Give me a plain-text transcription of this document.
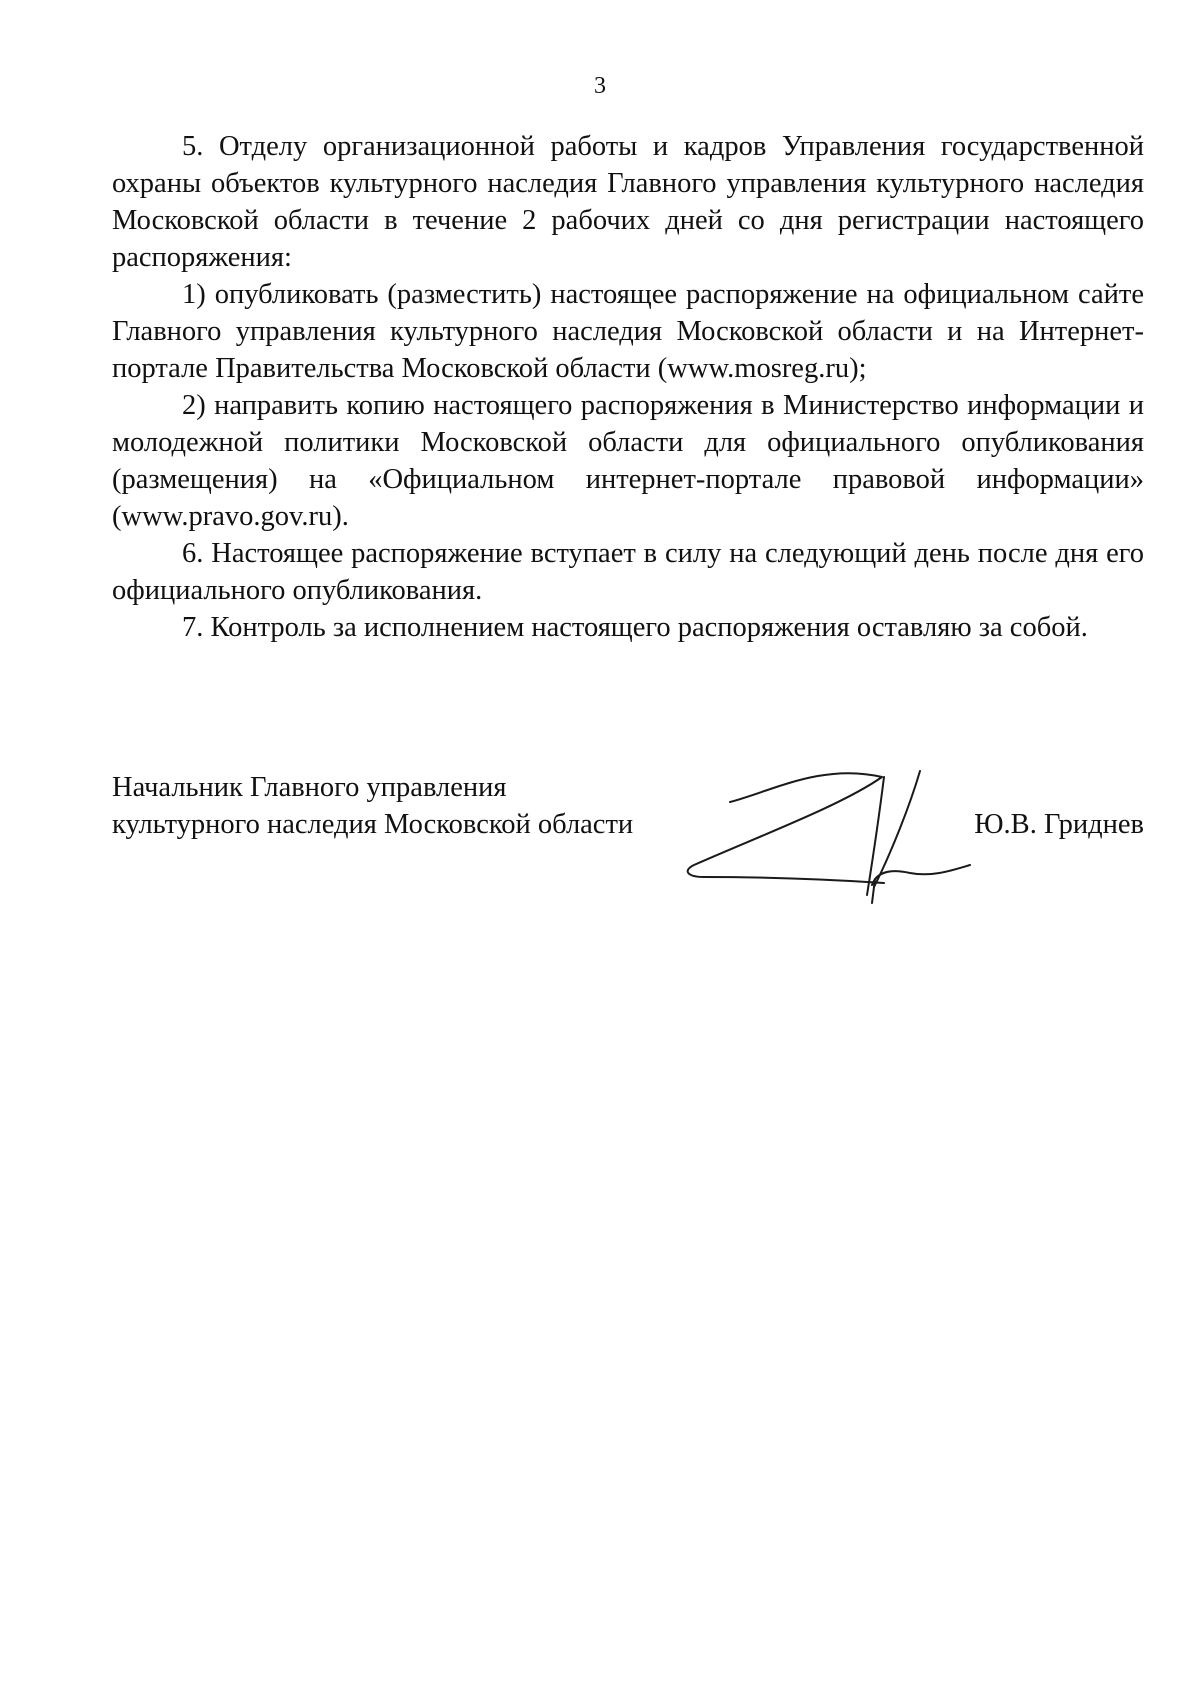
3

5. Отделу организационной работы и кадров Управления государственной охраны объектов культурного наследия Главного управления культурного наследия Московской области в течение 2 рабочих дней со дня регистрации настоящего распоряжения:

1) опубликовать (разместить) настоящее распоряжение на официальном сайте Главного управления культурного наследия Московской области и на Интернет-портале Правительства Московской области (www.mosreg.ru);

2) направить копию настоящего распоряжения в Министерство информации и молодежной политики Московской области для официального опубликования (размещения) на «Официальном интернет-портале правовой информации» (www.pravo.gov.ru).

6. Настоящее распоряжение вступает в силу на следующий день после дня его официального опубликования.

7. Контроль за исполнением настоящего распоряжения оставляю за собой.

Начальник Главного управления
культурного наследия Московской области	Ю.В. Гриднев
